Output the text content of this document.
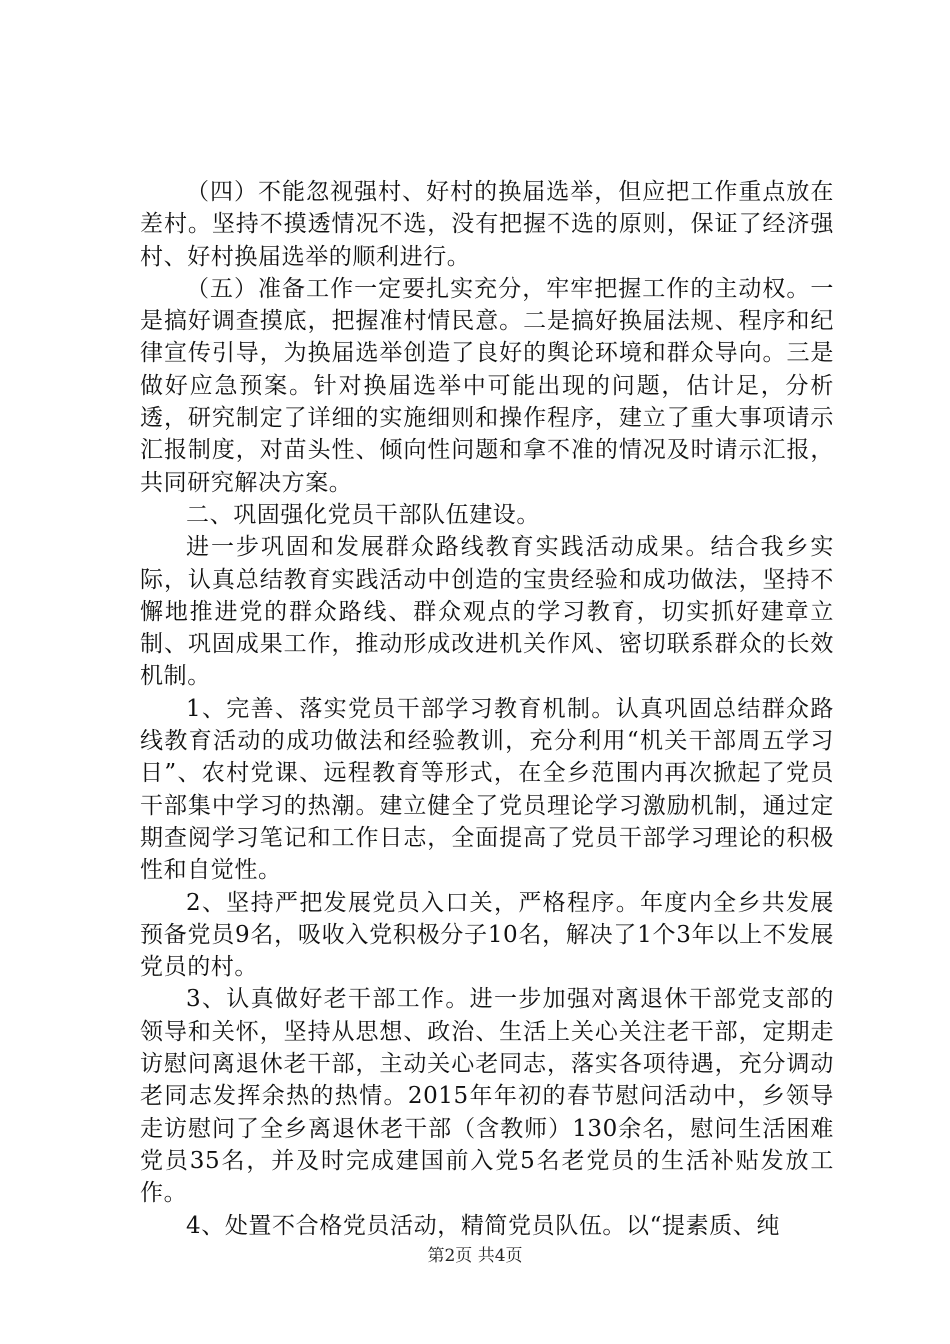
（四）不能忽视强村、好村的换届选举，但应把工作重点放在差村。坚持不摸透情况不选，没有把握不选的原则，保证了经济强村、好村换届选举的顺利进行。

（五）准备工作一定要扎实充分，牢牢把握工作的主动权。一是搞好调查摸底，把握准村情民意。二是搞好换届法规、程序和纪律宣传引导，为换届选举创造了良好的舆论环境和群众导向。三是做好应急预案。针对换届选举中可能出现的问题，估计足，分析透，研究制定了详细的实施细则和操作程序，建立了重大事项请示汇报制度，对苗头性、倾向性问题和拿不准的情况及时请示汇报，共同研究解决方案。

二、巩固强化党员干部队伍建设。

进一步巩固和发展群众路线教育实践活动成果。结合我乡实际，认真总结教育实践活动中创造的宝贵经验和成功做法，坚持不懈地推进党的群众路线、群众观点的学习教育，切实抓好建章立制、巩固成果工作，推动形成改进机关作风、密切联系群众的长效机制。

1、完善、落实党员干部学习教育机制。认真巩固总结群众路线教育活动的成功做法和经验教训，充分利用“机关干部周五学习日”、农村党课、远程教育等形式，在全乡范围内再次掀起了党员干部集中学习的热潮。建立健全了党员理论学习激励机制，通过定期查阅学习笔记和工作日志，全面提高了党员干部学习理论的积极性和自觉性。

2、坚持严把发展党员入口关，严格程序。年度内全乡共发展预备党员9名，吸收入党积极分子10名，解决了1个3年以上不发展党员的村。

3、认真做好老干部工作。进一步加强对离退休干部党支部的领导和关怀，坚持从思想、政治、生活上关心关注老干部，定期走访慰问离退休老干部，主动关心老同志，落实各项待遇，充分调动老同志发挥余热的热情。2015年年初的春节慰问活动中，乡领导走访慰问了全乡离退休老干部（含教师）130余名，慰问生活困难党员35名，并及时完成建国前入党5名老党员的生活补贴发放工作。

4、处置不合格党员活动，精简党员队伍。以“提素质、纯

第2页 共4页
